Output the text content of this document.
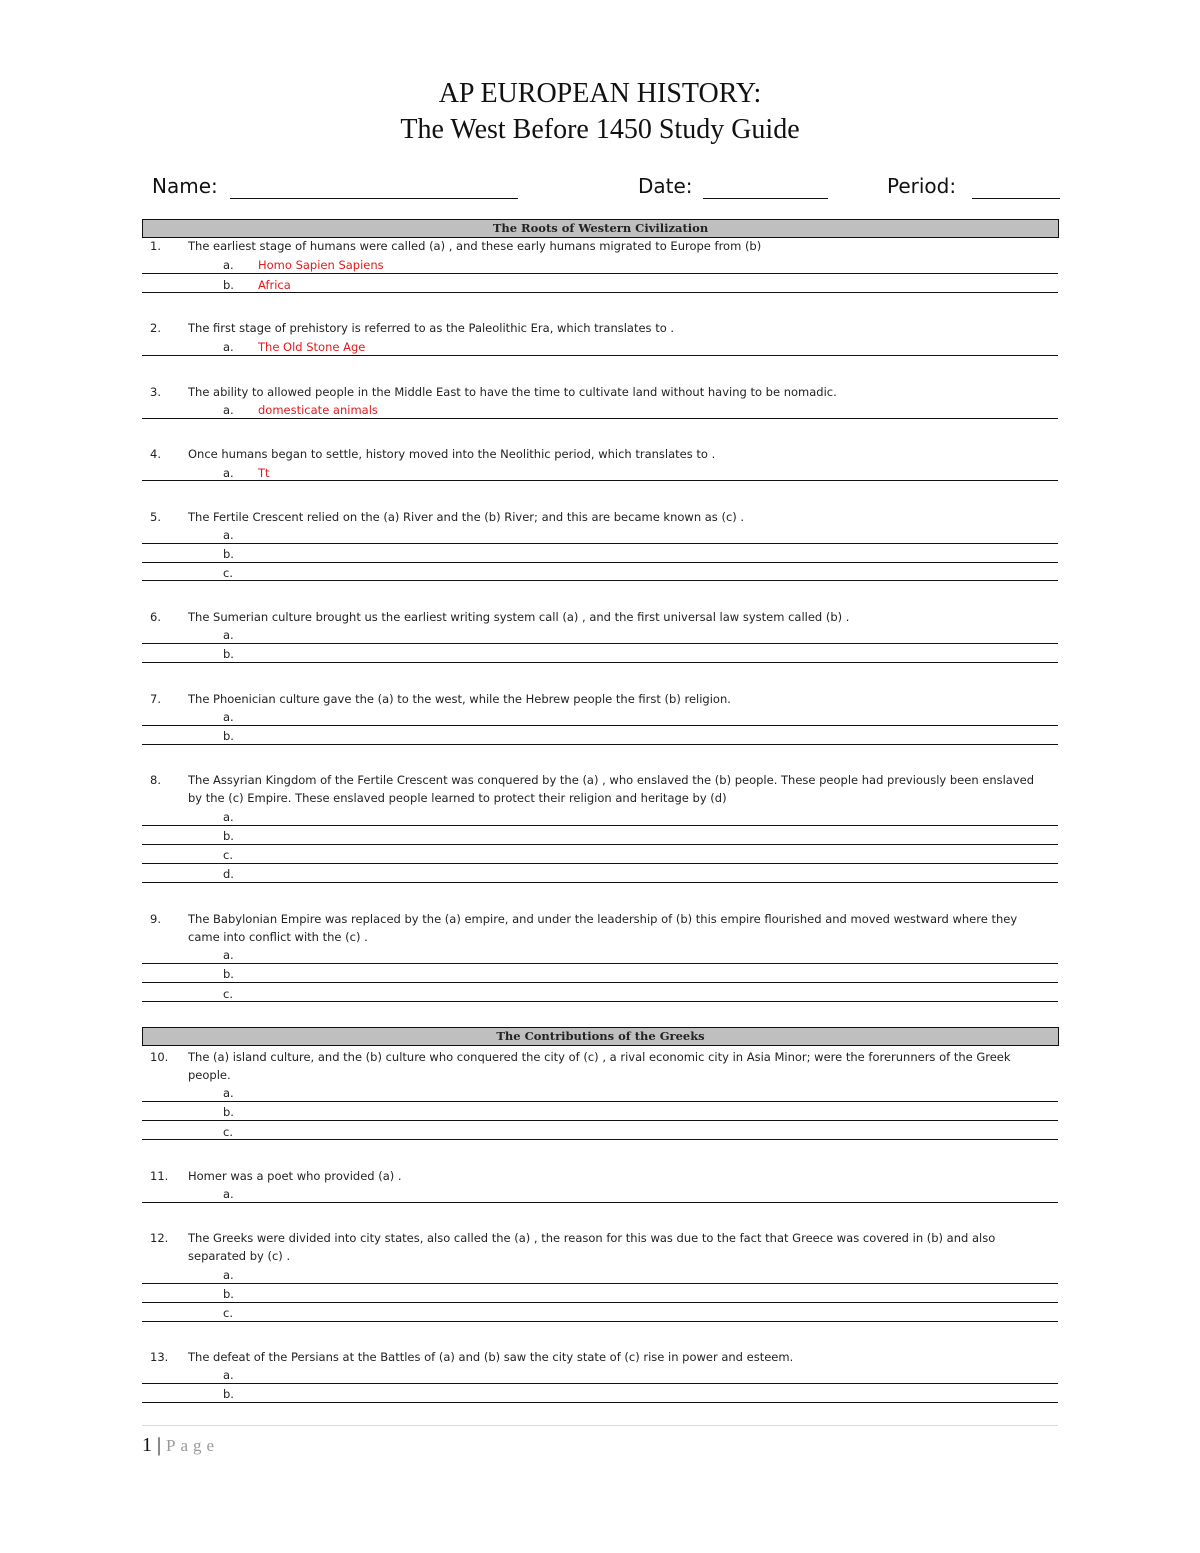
AP EUROPEAN HISTORY:
The West Before 1450 Study Guide
Name:	Date:	Period:
The Roots of Western Civilization
1.	The earliest stage of humans were called (a) , and these early humans migrated to Europe from (b)
a.	Homo Sapien Sapiens
b.	Africa
2.	The first stage of prehistory is referred to as the Paleolithic Era, which translates to .
a.	The Old Stone Age
3.	The ability to allowed people in the Middle East to have the time to cultivate land without having to be nomadic.
a.	domesticate animals
4.	Once humans began to settle, history moved into the Neolithic period, which translates to .
a.	Tt
5.	The Fertile Crescent relied on the (a) River and the (b) River; and this are became known as (c) .
a.
b.
c.
6.	The Sumerian culture brought us the earliest writing system call (a) , and the first universal law system called (b) .
a.
b.
7.	The Phoenician culture gave the (a) to the west, while the Hebrew people the first (b) religion.
a.
b.
8.	The Assyrian Kingdom of the Fertile Crescent was conquered by the (a) , who enslaved the (b) people. These people had previously been enslaved by the (c) Empire. These enslaved people learned to protect their religion and heritage by (d)
a.
b.
c.
d.
9.	The Babylonian Empire was replaced by the (a) empire, and under the leadership of (b) this empire flourished and moved westward where they came into conflict with the (c) .
a.
b.
c.
The Contributions of the Greeks
10.	The (a) island culture, and the (b) culture who conquered the city of (c) , a rival economic city in Asia Minor; were the forerunners of the Greek people.
a.
b.
c.
11.	Homer was a poet who provided (a) .
a.
12.	The Greeks were divided into city states, also called the (a) , the reason for this was due to the fact that Greece was covered in (b) and also separated by (c) .
a.
b.
c.
13.	The defeat of the Persians at the Battles of (a) and (b) saw the city state of (c) rise in power and esteem.
a.
b.
1 | Page
